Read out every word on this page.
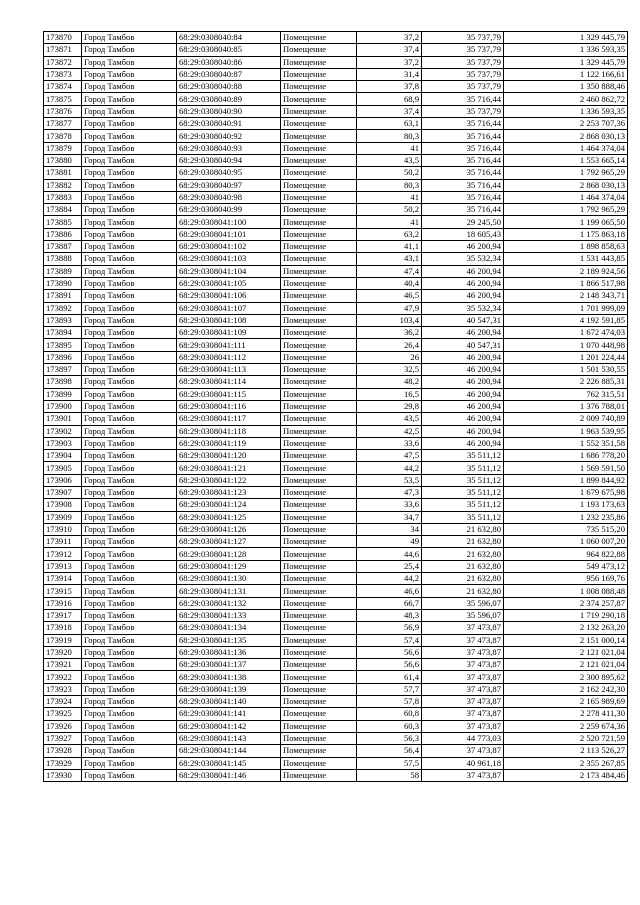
173870	Город Тамбов	68:29:0308040:84	Помещение	37,2	35 737,79	1 329 445,79
173871	Город Тамбов	68:29:0308040:85	Помещение	37,4	35 737,79	1 336 593,35
173872	Город Тамбов	68:29:0308040:86	Помещение	37,2	35 737,79	1 329 445,79
173873	Город Тамбов	68:29:0308040:87	Помещение	31,4	35 737,79	1 122 166,61
173874	Город Тамбов	68:29:0308040:88	Помещение	37,8	35 737,79	1 350 888,46
173875	Город Тамбов	68:29:0308040:89	Помещение	68,9	35 716,44	2 460 862,72
173876	Город Тамбов	68:29:0308040:90	Помещение	37,4	35 737,79	1 336 593,35
173877	Город Тамбов	68:29:0308040:91	Помещение	63,1	35 716,44	2 253 707,36
173878	Город Тамбов	68:29:0308040:92	Помещение	80,3	35 716,44	2 868 030,13
173879	Город Тамбов	68:29:0308040:93	Помещение	41	35 716,44	1 464 374,04
173880	Город Тамбов	68:29:0308040:94	Помещение	43,5	35 716,44	1 553 665,14
173881	Город Тамбов	68:29:0308040:95	Помещение	50,2	35 716,44	1 792 965,29
173882	Город Тамбов	68:29:0308040:97	Помещение	80,3	35 716,44	2 868 030,13
173883	Город Тамбов	68:29:0308040:98	Помещение	41	35 716,44	1 464 374,04
173884	Город Тамбов	68:29:0308040:99	Помещение	50,2	35 716,44	1 792 965,29
173885	Город Тамбов	68:29:0308041:100	Помещение	41	29 245,50	1 199 065,50
173886	Город Тамбов	68:29:0308041:101	Помещение	63,2	18 605,43	1 175 863,18
173887	Город Тамбов	68:29:0308041:102	Помещение	41,1	46 200,94	1 898 858,63
173888	Город Тамбов	68:29:0308041:103	Помещение	43,1	35 532,34	1 531 443,85
173889	Город Тамбов	68:29:0308041:104	Помещение	47,4	46 200,94	2 189 924,56
173890	Город Тамбов	68:29:0308041:105	Помещение	40,4	46 200,94	1 866 517,98
173891	Город Тамбов	68:29:0308041:106	Помещение	46,5	46 200,94	2 148 343,71
173892	Город Тамбов	68:29:0308041:107	Помещение	47,9	35 532,34	1 701 999,09
173893	Город Тамбов	68:29:0308041:108	Помещение	103,4	40 547,31	4 192 591,85
173894	Город Тамбов	68:29:0308041:109	Помещение	36,2	46 200,94	1 672 474,03
173895	Город Тамбов	68:29:0308041:111	Помещение	26,4	40 547,31	1 070 448,98
173896	Город Тамбов	68:29:0308041:112	Помещение	26	46 200,94	1 201 224,44
173897	Город Тамбов	68:29:0308041:113	Помещение	32,5	46 200,94	1 501 530,55
173898	Город Тамбов	68:29:0308041:114	Помещение	48,2	46 200,94	2 226 885,31
173899	Город Тамбов	68:29:0308041:115	Помещение	16,5	46 200,94	762 315,51
173900	Город Тамбов	68:29:0308041:116	Помещение	29,8	46 200,94	1 376 788,01
173901	Город Тамбов	68:29:0308041:117	Помещение	43,5	46 200,94	2 009 740,89
173902	Город Тамбов	68:29:0308041:118	Помещение	42,5	46 200,94	1 963 539,95
173903	Город Тамбов	68:29:0308041:119	Помещение	33,6	46 200,94	1 552 351,58
173904	Город Тамбов	68:29:0308041:120	Помещение	47,5	35 511,12	1 686 778,20
173905	Город Тамбов	68:29:0308041:121	Помещение	44,2	35 511,12	1 569 591,50
173906	Город Тамбов	68:29:0308041:122	Помещение	53,5	35 511,12	1 899 844,92
173907	Город Тамбов	68:29:0308041:123	Помещение	47,3	35 511,12	1 679 675,98
173908	Город Тамбов	68:29:0308041:124	Помещение	33,6	35 511,12	1 193 173,63
173909	Город Тамбов	68:29:0308041:125	Помещение	34,7	35 511,12	1 232 235,86
173910	Город Тамбов	68:29:0308041:126	Помещение	34	21 632,80	735 515,20
173911	Город Тамбов	68:29:0308041:127	Помещение	49	21 632,80	1 060 007,20
173912	Город Тамбов	68:29:0308041:128	Помещение	44,6	21 632,80	964 822,88
173913	Город Тамбов	68:29:0308041:129	Помещение	25,4	21 632,80	549 473,12
173914	Город Тамбов	68:29:0308041:130	Помещение	44,2	21 632,80	956 169,76
173915	Город Тамбов	68:29:0308041:131	Помещение	46,6	21 632,80	1 008 088,48
173916	Город Тамбов	68:29:0308041:132	Помещение	66,7	35 596,07	2 374 257,87
173917	Город Тамбов	68:29:0308041:133	Помещение	48,3	35 596,07	1 719 290,18
173918	Город Тамбов	68:29:0308041:134	Помещение	56,9	37 473,87	2 132 263,20
173919	Город Тамбов	68:29:0308041:135	Помещение	57,4	37 473,87	2 151 000,14
173920	Город Тамбов	68:29:0308041:136	Помещение	56,6	37 473,87	2 121 021,04
173921	Город Тамбов	68:29:0308041:137	Помещение	56,6	37 473,87	2 121 021,04
173922	Город Тамбов	68:29:0308041:138	Помещение	61,4	37 473,87	2 300 895,62
173923	Город Тамбов	68:29:0308041:139	Помещение	57,7	37 473,87	2 162 242,30
173924	Город Тамбов	68:29:0308041:140	Помещение	57,8	37 473,87	2 165 989,69
173925	Город Тамбов	68:29:0308041:141	Помещение	60,8	37 473,87	2 278 411,30
173926	Город Тамбов	68:29:0308041:142	Помещение	60,3	37 473,87	2 259 674,36
173927	Город Тамбов	68:29:0308041:143	Помещение	56,3	44 773,03	2 520 721,59
173928	Город Тамбов	68:29:0308041:144	Помещение	56,4	37 473,87	2 113 526,27
173929	Город Тамбов	68:29:0308041:145	Помещение	57,5	40 961,18	2 355 267,85
173930	Город Тамбов	68:29:0308041:146	Помещение	58	37 473,87	2 173 484,46
